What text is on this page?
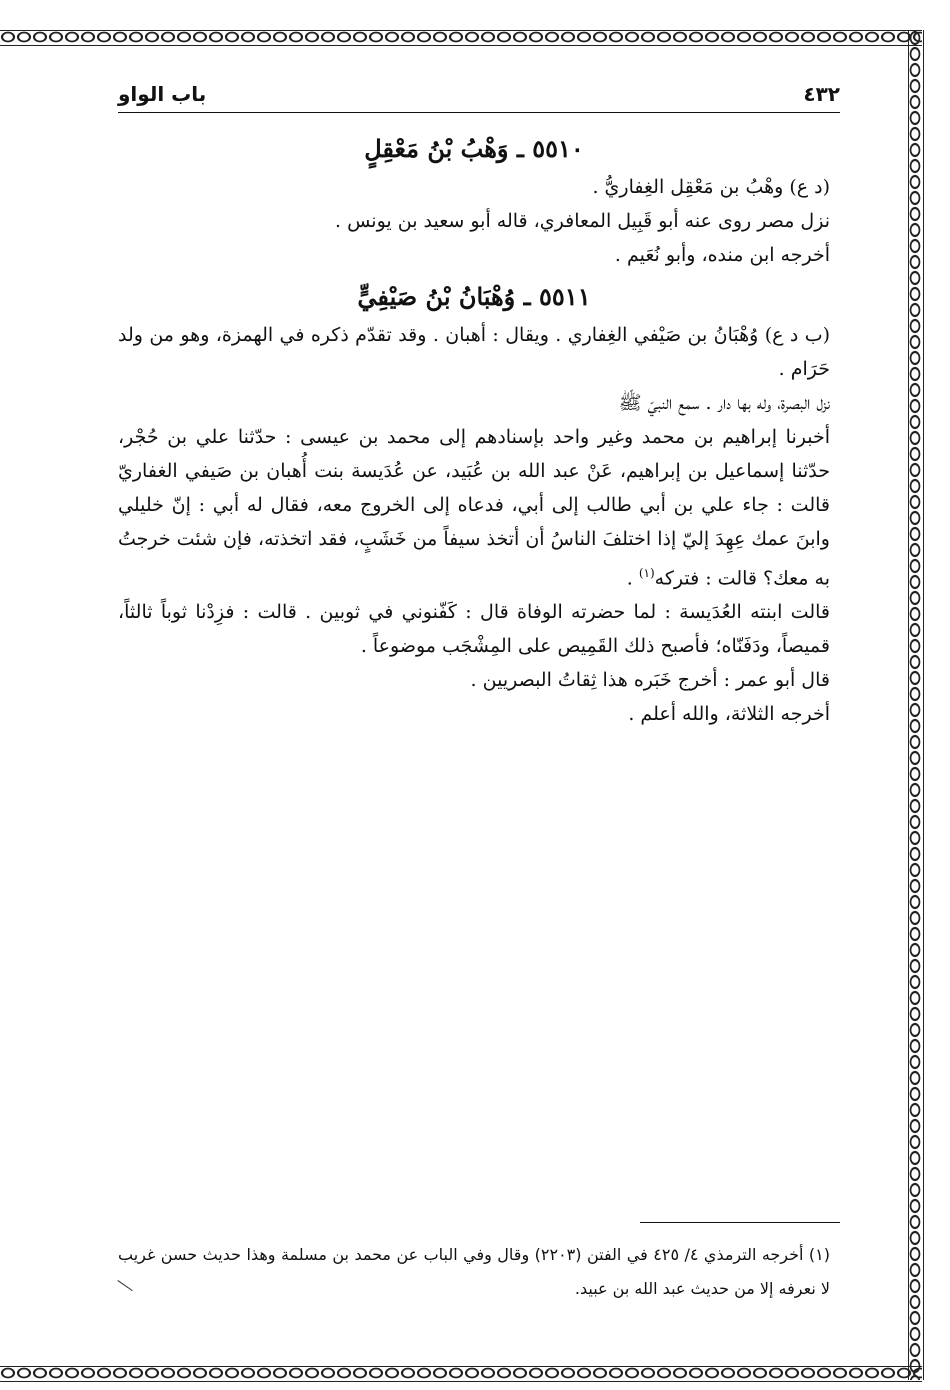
٤٣٢
باب الواو
٥٥١٠ ـ وَهْبُ بْنُ مَعْقِلٍ

(د ع) وهْبُ بن مَعْقِل الغِفاريُّ .

نزل مصر روى عنه أبو قَبِيل المعافري، قاله أبو سعيد بن يونس .

أخرجه ابن منده، وأبو نُعَيم .

٥٥١١ ـ وُهْبَانُ بْنُ صَيْفِيٍّ

(ب د ع) وُهْبَانُ بن صَيْفي الغِفاري . ويقال : أهبان . وقد تقدّم ذكره في الهمزة، وهو من ولد حَرَام .

نزل البصرة، وله بها دار . سمع النبيّ ﷺ

أخبرنا إبراهيم بن محمد وغير واحد بإسنادهم إلى محمد بن عيسى : حدّثنا علي بن حُجْر، حدّثنا إسماعيل بن إبراهيم، عَنْ عبد الله بن عُبَيد، عن عُدَيسة بنت أُهبان بن صَيفي الغفاريّ قالت : جاء علي بن أبي طالب إلى أبي، فدعاه إلى الخروج معه، فقال له أبي : إنّ خليلي وابنَ عمك عِهِدَ إليّ إذا اختلفَ الناسُ أن أتخذ سيفاً من خَشَبٍ، فقد اتخذته، فإن شئت خرجتُ به معك؟ قالت : فتركه$^{(١)}$ .

قالت ابنته العُدَيسة : لما حضرته الوفاة قال : كَفّنوني في ثوبين . قالت : فزِدْنا ثوباً ثالثاً، قميصاً، ودَفَنّاه؛ فأصبح ذلك القَمِيص على المِشْجَب موضوعاً .

قال أبو عمر : أخرج خَبَره هذا ثِقاتُ البصريين .

أخرجه الثلاثة، والله أعلم .

(١) أخرجه الترمذي ٤/ ٤٢٥ في الفتن (٢٢٠٣) وقال وفي الباب عن محمد بن مسلمة وهذا حديث حسن غريب لا نعرفه إلا من حديث عبد الله بن عبيد.
